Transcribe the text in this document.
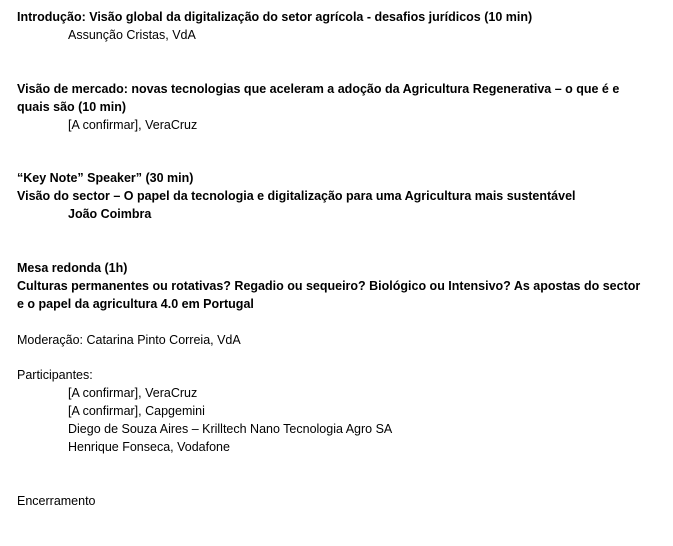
Introdução: Visão global da digitalização do setor agrícola - desafios jurídicos (10 min)
Assunção Cristas, VdA
Visão de mercado: novas tecnologias que aceleram a adoção da Agricultura Regenerativa – o que é e quais são (10 min)
[A confirmar], VeraCruz
“Key Note” Speaker” (30 min)
Visão do sector – O papel da tecnologia e digitalização para uma Agricultura mais sustentável
João Coimbra
Mesa redonda (1h)
Culturas permanentes ou rotativas? Regadio ou sequeiro? Biológico ou Intensivo? As apostas do sector e o papel da agricultura 4.0 em Portugal
Moderação: Catarina Pinto Correia, VdA
Participantes:
[A confirmar], VeraCruz
[A confirmar], Capgemini
Diego de Souza Aires – Krilltech Nano Tecnologia Agro SA
Henrique Fonseca, Vodafone
Encerramento
